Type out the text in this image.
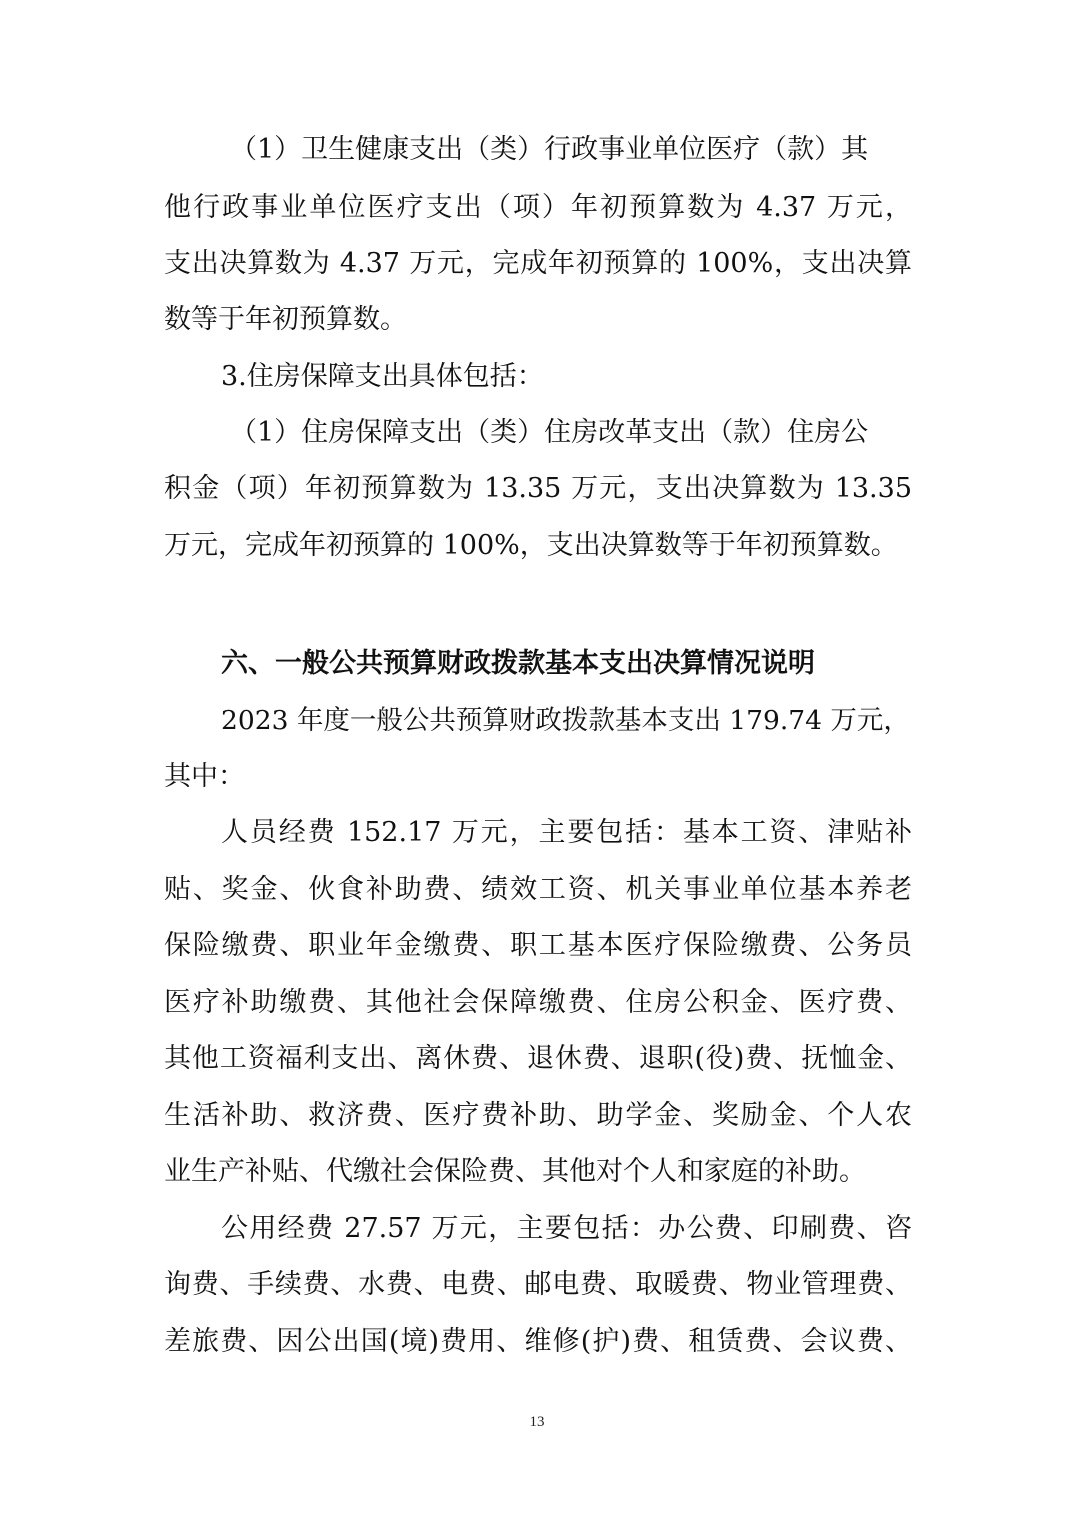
（1）卫生健康支出（类）行政事业单位医疗（款）其
他行政事业单位医疗支出（项）年初预算数为 4.37 万元，
支出决算数为 4.37 万元，完成年初预算的 100%，支出决算
数等于年初预算数。
3.住房保障支出具体包括：
（1）住房保障支出（类）住房改革支出（款）住房公
积金（项）年初预算数为 13.35 万元，支出决算数为 13.35
万元，完成年初预算的 100%，支出决算数等于年初预算数。
六、一般公共预算财政拨款基本支出决算情况说明
2023 年度一般公共预算财政拨款基本支出 179.74 万元，
其中：
人员经费 152.17 万元，主要包括：基本工资、津贴补
贴、奖金、伙食补助费、绩效工资、机关事业单位基本养老
保险缴费、职业年金缴费、职工基本医疗保险缴费、公务员
医疗补助缴费、其他社会保障缴费、住房公积金、医疗费、
其他工资福利支出、离休费、退休费、退职(役)费、抚恤金、
生活补助、救济费、医疗费补助、助学金、奖励金、个人农
业生产补贴、代缴社会保险费、其他对个人和家庭的补助。
公用经费 27.57 万元，主要包括：办公费、印刷费、咨
询费、手续费、水费、电费、邮电费、取暖费、物业管理费、
差旅费、因公出国(境)费用、维修(护)费、租赁费、会议费、
13
